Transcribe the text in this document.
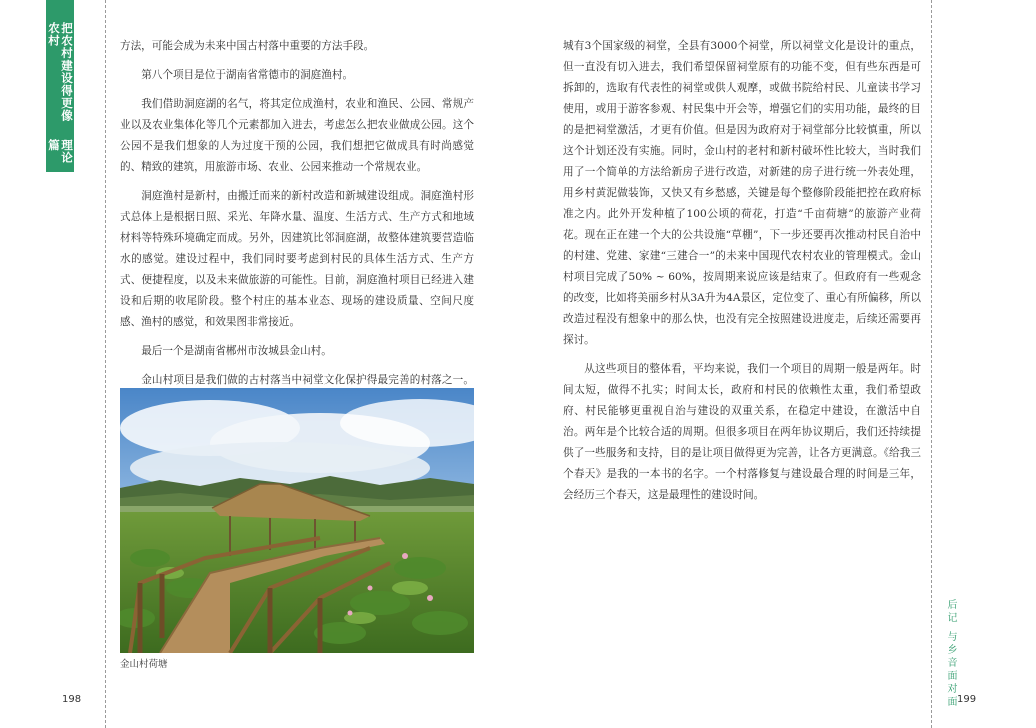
把农村建设得更像农村
理论篇

方法，可能会成为未来中国古村落中重要的方法手段。

第八个项目是位于湖南省常德市的洞庭渔村。

我们借助洞庭湖的名气，将其定位成渔村，农业和渔民、公园、常规产业以及农业集体化等几个元素都加入进去，考虑怎么把农业做成公园。这个公园不是我们想象的人为过度干预的公园，我们想把它做成具有时尚感觉的、精致的建筑，用旅游市场、农业、公园来推动一个常规农业。

洞庭渔村是新村，由搬迁而来的新村改造和新城建设组成。洞庭渔村形式总体上是根据日照、采光、年降水量、温度、生活方式、生产方式和地域材料等特殊环境确定而成。另外，因建筑比邻洞庭湖，故整体建筑要营造临水的感觉。建设过程中，我们同时要考虑到村民的具体生活方式、生产方式、便捷程度，以及未来做旅游的可能性。目前，洞庭渔村项目已经进入建设和后期的收尾阶段。整个村庄的基本业态、现场的建设质量、空间尺度感、渔村的感觉，和效果图非常接近。

最后一个是湖南省郴州市汝城县金山村。

金山村项目是我们做的古村落当中祠堂文化保护得最完善的村落之一。

金山村荷塘

城有3个国家级的祠堂，全县有3000个祠堂，所以祠堂文化是设计的重点，但一直没有切入进去，我们希望保留祠堂原有的功能不变，但有些东西是可拆卸的，选取有代表性的祠堂或供人观摩，或做书院给村民、儿童读书学习使用，或用于游客参观、村民集中开会等，增强它们的实用功能，最终的目的是把祠堂激活，才更有价值。但是因为政府对于祠堂部分比较慎重，所以这个计划还没有实施。同时，金山村的老村和新村破坏性比较大，当时我们用了一个简单的方法给新房子进行改造，对新建的房子进行统一外表处理，用乡村黄泥做装饰，又快又有乡愁感，关键是每个整修阶段能把控在政府标准之内。此外开发种植了100公顷的荷花，打造“千亩荷塘”的旅游产业荷花。现在正在建一个大的公共设施“草棚”，下一步还要再次推动村民自治中的村建、党建、家建“三建合一”的未来中国现代农村农业的管理模式。金山村项目完成了50% ~ 60%，按周期来说应该是结束了。但政府有一些观念的改变，比如将美丽乡村从3A升为4A景区，定位变了、重心有所偏移，所以改造过程没有想象中的那么快，也没有完全按照建设进度走，后续还需要再探讨。

从这些项目的整体看，平均来说，我们一个项目的周期一般是两年。时间太短，做得不扎实；时间太长，政府和村民的依赖性太重，我们希望政府、村民能够更重视自治与建设的双重关系，在稳定中建设，在激活中自治。两年是个比较合适的周期。但很多项目在两年协议期后，我们还持续提供了一些服务和支持，目的是让项目做得更为完善，让各方更满意。《给我三个春天》是我的一本书的名字。一个村落修复与建设最合理的时间是三年，会经历三个春天，这是最理性的建设时间。

后记 与乡音面对面
198	199
